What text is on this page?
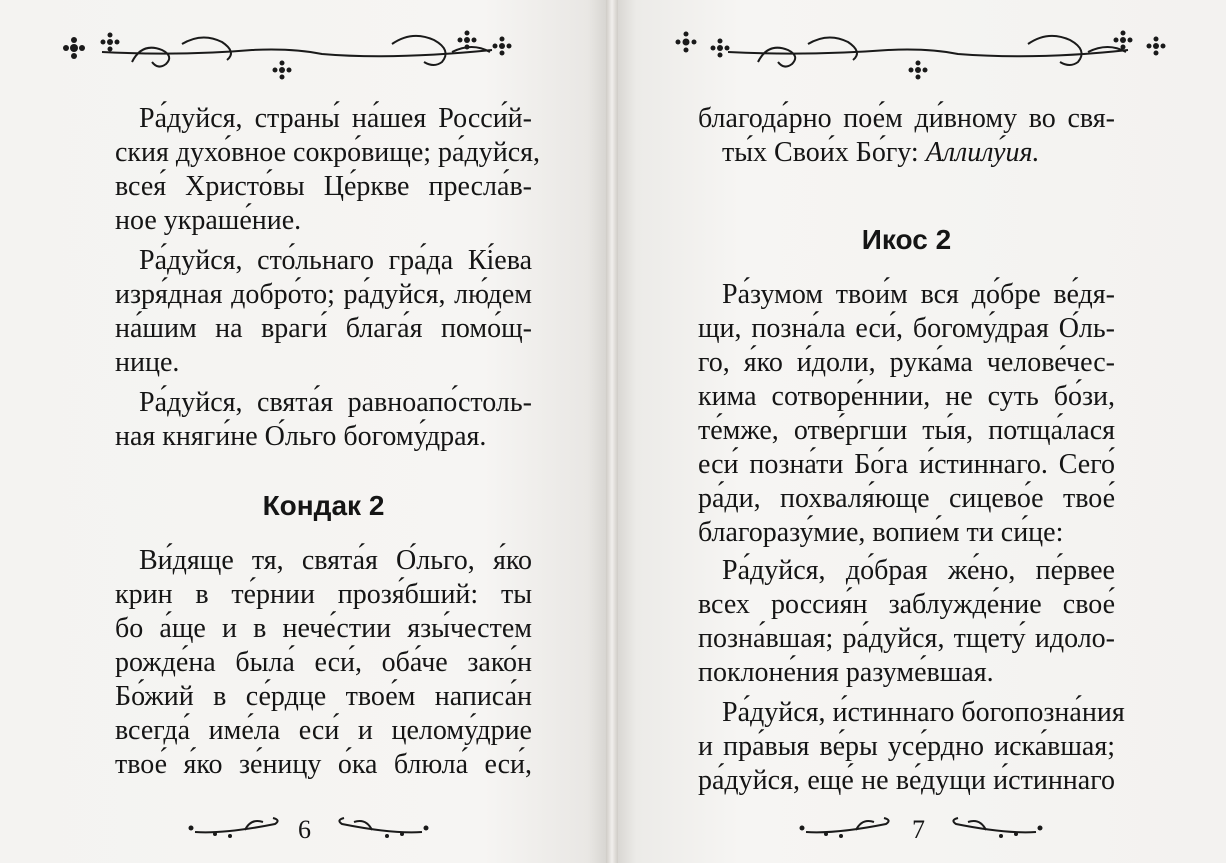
Ра́дуйся, страны́ на́шея Росси́й-
ския духо́вное сокро́вище; ра́дуйся,
всея́ Христо́вы Це́ркве пресла́в-
ное украше́ние.
Ра́дуйся, сто́льнаго гра́да Кі́ева
изря́дная добро́то; ра́дуйся, лю́дем
на́шим на враги́ блага́я помо́щ-
нице.
Ра́дуйся, свята́я равноапо́столь-
ная княги́не О́льго богому́драя.
Кондак 2
Ви́дяще тя, свята́я О́льго, я́ко
крин в те́рнии прозя́бший: ты
бо а́ще и в нече́стии язы́честем
рожде́на была́ еси́, оба́че зако́н
Бо́жий в се́рдце твое́м написа́н
всегда́ име́ла еси́ и целому́дрие
твое́ я́ко зе́ницу о́ка блюла́ еси́,
6
благода́рно пое́м ди́вному во свя-
ты́х Свои́х Бо́гу: Аллилу́ия.
Икос 2
Ра́зумом твои́м вся до́бре ве́дя-
щи, позна́ла еси́, богому́драя О́ль-
го, я́ко и́доли, рука́ма челове́чес-
кима сотворе́ннии, не суть бо́зи,
те́мже, отве́ргши ты́я, потща́лася
еси́ позна́ти Бо́га и́стиннаго. Сего́
ра́ди, похваля́юще сицево́е твое́
благоразу́мие, вопие́м ти си́це:
Ра́дуйся, до́брая же́но, пе́рвее
всех россия́н заблужде́ние свое́
позна́вшая; ра́дуйся, тщету́ идоло-
поклоне́ния разуме́вшая.
Ра́дуйся, и́стиннаго богопозна́ния
и пра́выя ве́ры усе́рдно иска́вшая;
ра́дуйся, еще́ не ве́дущи и́стиннаго
7
